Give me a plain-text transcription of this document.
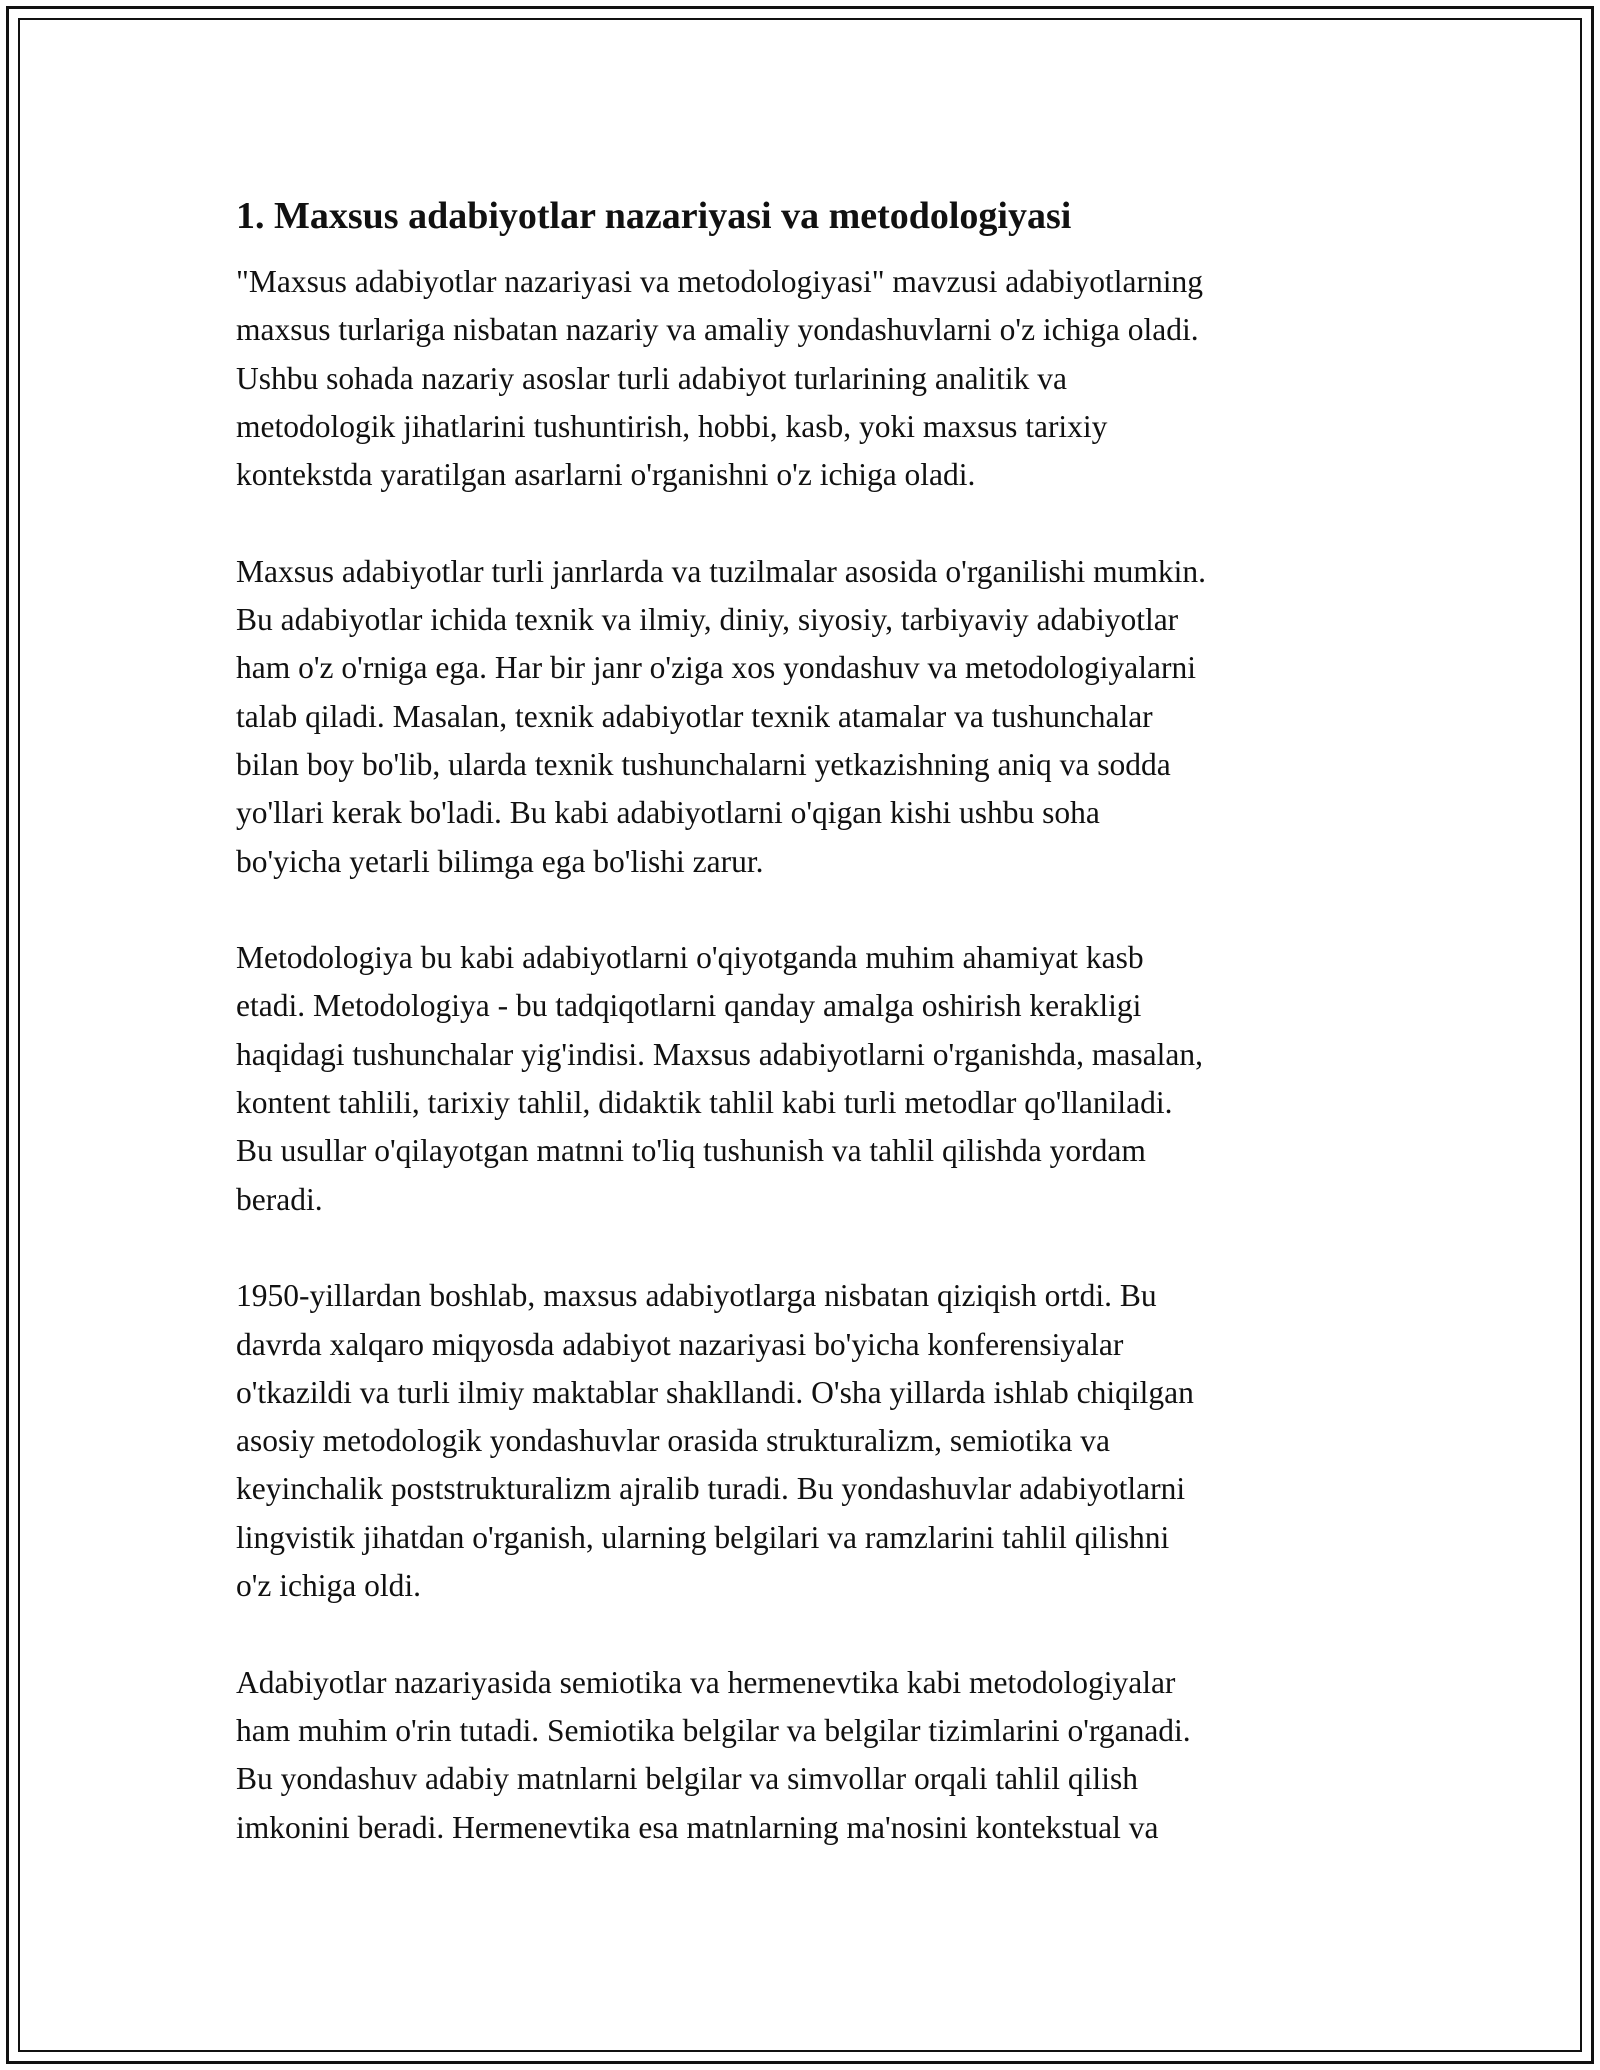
1. Maxsus adabiyotlar nazariyasi va metodologiyasi
"Maxsus adabiyotlar nazariyasi va metodologiyasi" mavzusi adabiyotlarning
maxsus turlariga nisbatan nazariy va amaliy yondashuvlarni o'z ichiga oladi.
Ushbu sohada nazariy asoslar turli adabiyot turlarining analitik va
metodologik jihatlarini tushuntirish, hobbi, kasb, yoki maxsus tarixiy
kontekstda yaratilgan asarlarni o'rganishni o'z ichiga oladi.
Maxsus adabiyotlar turli janrlarda va tuzilmalar asosida o'rganilishi mumkin.
Bu adabiyotlar ichida texnik va ilmiy, diniy, siyosiy, tarbiyaviy adabiyotlar
ham o'z o'rniga ega. Har bir janr o'ziga xos yondashuv va metodologiyalarni
talab qiladi. Masalan, texnik adabiyotlar texnik atamalar va tushunchalar
bilan boy bo'lib, ularda texnik tushunchalarni yetkazishning aniq va sodda
yo'llari kerak bo'ladi. Bu kabi adabiyotlarni o'qigan kishi ushbu soha
bo'yicha yetarli bilimga ega bo'lishi zarur.
Metodologiya bu kabi adabiyotlarni o'qiyotganda muhim ahamiyat kasb
etadi. Metodologiya - bu tadqiqotlarni qanday amalga oshirish kerakligi
haqidagi tushunchalar yig'indisi. Maxsus adabiyotlarni o'rganishda, masalan,
kontent tahlili, tarixiy tahlil, didaktik tahlil kabi turli metodlar qo'llaniladi.
Bu usullar o'qilayotgan matnni to'liq tushunish va tahlil qilishda yordam
beradi.
1950-yillardan boshlab, maxsus adabiyotlarga nisbatan qiziqish ortdi. Bu
davrda xalqaro miqyosda adabiyot nazariyasi bo'yicha konferensiyalar
o'tkazildi va turli ilmiy maktablar shakllandi. O'sha yillarda ishlab chiqilgan
asosiy metodologik yondashuvlar orasida strukturalizm, semiotika va
keyinchalik poststrukturalizm ajralib turadi. Bu yondashuvlar adabiyotlarni
lingvistik jihatdan o'rganish, ularning belgilari va ramzlarini tahlil qilishni
o'z ichiga oldi.
Adabiyotlar nazariyasida semiotika va hermenevtika kabi metodologiyalar
ham muhim o'rin tutadi. Semiotika belgilar va belgilar tizimlarini o'rganadi.
Bu yondashuv adabiy matnlarni belgilar va simvollar orqali tahlil qilish
imkonini beradi. Hermenevtika esa matnlarning ma'nosini kontekstual va
